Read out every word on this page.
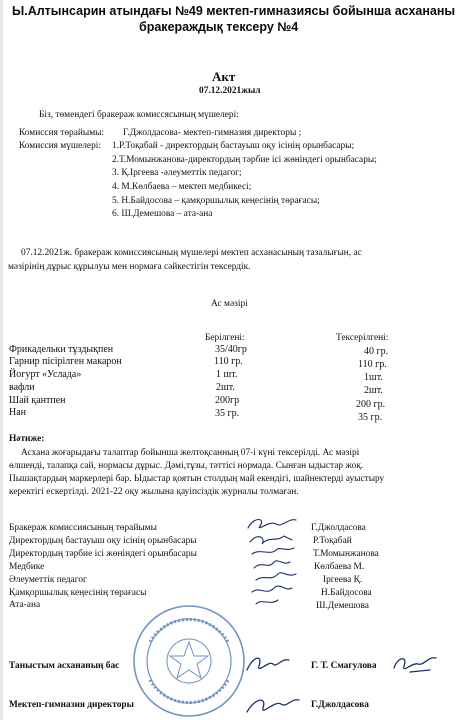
Ы.Алтынсарин атындағы №49 мектеп-гимназиясы бойынша асхананы
бракераждық тексеру №4
Акт
07.12.2021жыл
Біз, төмендегі бракераж комиссясының мүшелері:
Комиссия төрайымы: Г.Джолдасова- мектеп-гимназия директоры ;
Комиссия мүшелері: 1.Р.Тоқабай - директордың бастауыш оқу ісінің орынбасары;
2.Т.Момынжанова-директордың тәрбие ісі жөніндегі орынбасары;
3. Қ.Іргеева -әлеуметтік педагог;
4. М.Көлбаева – мектеп медбикесі;
5. Н.Байдосова – қамқоршылық кеңесінің төрағасы;
6. Ш.Демешова – ата-ана
07.12.2021ж. бракераж комиссиясының мүшелері мектеп асханасының тазалығын, ас
мәзірінің дұрыс құрылуы мен нормаға сәйкестігін тексердік.
Ас мәзірі
Берілгені:	Тексерілгені:
Фрикадельки тұздықпен	35/40гр	40 гр.
Гарнир пісірілген макарон	110 гр.	110 гр.
Йогурт «Услада»	1 шт.	1шт.
вафли	2шт.	2шт.
Шай қантпен	200гр	200 гр.
Нан	35 гр.	35 гр.
Нәтиже:
Асхана жоғарыдағы талаптар бойынша желтоқсанның 07-і күні тексерілді. Ас мәзірі
өлшенді, талапқа сай, нормасы дұрыс. Дәмі,тұзы, тәттісі нормада. Сынған ыдыстар жоқ.
Пышақтардың маркерлері бар. Ыдыстар қоятын столдың май екендігі, шайнектерді ауыстыру
керектігі ескертілді. 2021-22 оқу жылына қауіпсіздік журналы толмаған.
Бракераж комиссиясының төрайымы	Г.Джолдасова
Директордың бастауыш оқу ісінің орынбасары	Р.Тоқабай
Директордың тәрбие ісі жөніндегі орынбасары	Т.Момынжанова
Медбике	Көлбаева М.
Әлеуметтік педагог	Іргеева Қ.
Қамқоршылық кеңесінің төрағасы	Н.Байдосова
Ата-ана	Ш.Демешова
Таныстым асхананың бас	Г. Т. Смагулова
Мектеп-гимназия директоры	Г.Джолдасова
